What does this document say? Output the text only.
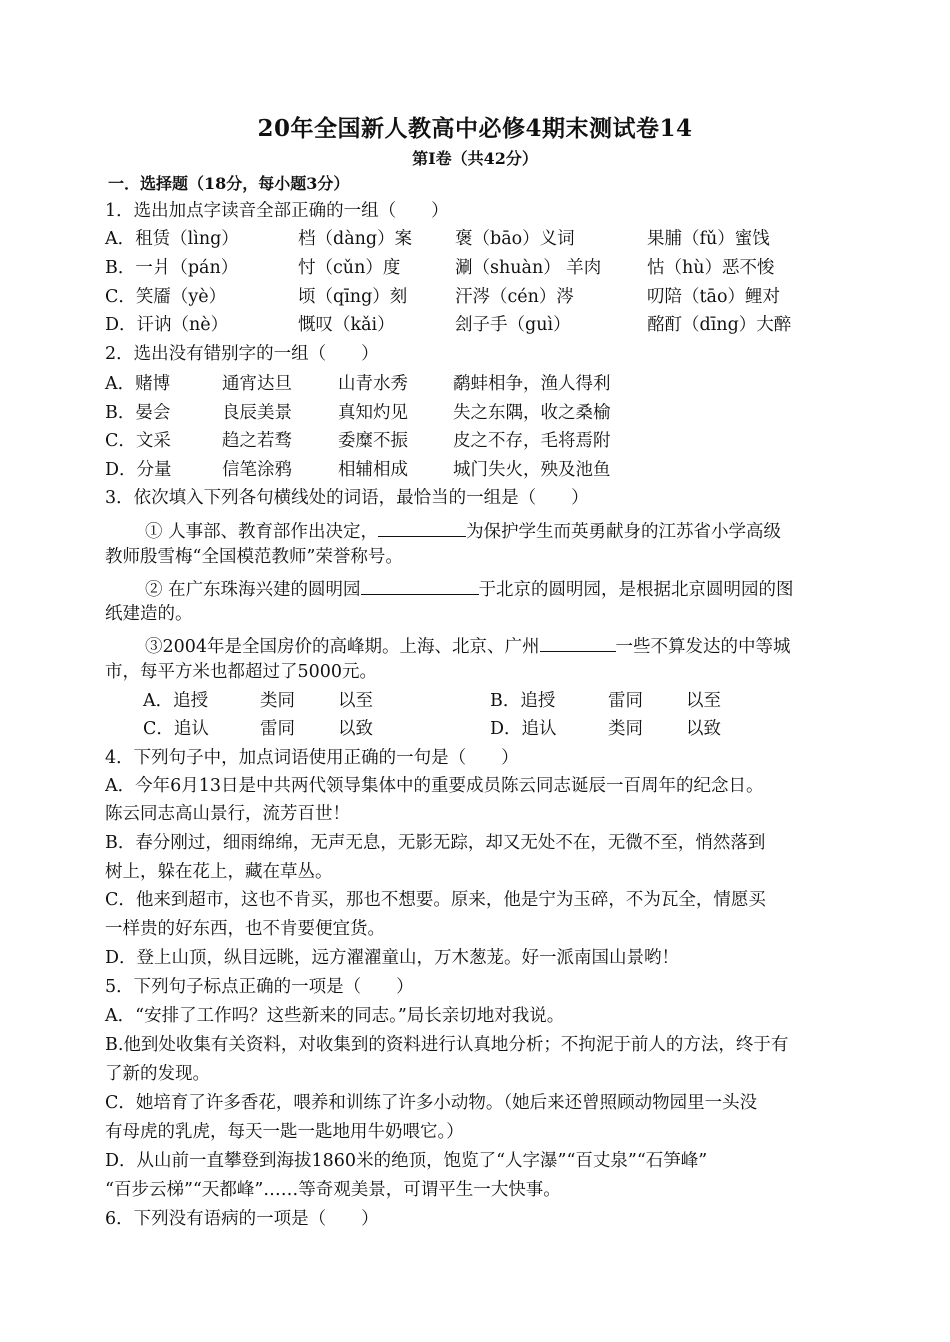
20年全国新人教高中必修4期末测试卷14
第Ⅰ卷（共42分）
一．选择题（18分，每小题3分）
1．选出加点字读音全部正确的一组（　　）
A．租赁（lìng）	档（dàng）案 褒（bāo）义词	果脯（fǔ）蜜饯
B．一爿（pán）	忖（cǔn）度	涮（shuàn） 羊肉	怙（hù）恶不悛
C．笑靥（yè）	顷（qīng）刻	汗涔（cén）涔	叨陪（tāo）鲤对
D．讦讷（nè）	慨叹（kǎi）	刽子手（guì）	酩酊（dīng）大醉
2．选出没有错别字的一组（　　）
A．赌博	通宵达旦	山青水秀	鹬蚌相争，渔人得利
B．晏会	良辰美景	真知灼见	失之东隅，收之桑榆
C．文采	趋之若骛	委糜不振	皮之不存，毛将焉附
D．分量	信笔涂鸦	相辅相成	城门失火，殃及池鱼
3．依次填入下列各句横线处的词语，最恰当的一组是（　　）
① 人事部、教育部作出决定，	为保护学生而英勇献身的江苏省小学高级
教师殷雪梅“全国模范教师”荣誉称号。
② 在广东珠海兴建的圆明园	于北京的圆明园，是根据北京圆明园的图
纸建造的。
③2004年是全国房价的高峰期。上海、北京、广州	一些不算发达的中等城
市，每平方米也都超过了5000元。
A．追授	类同 以至	B．追授	雷同 以至
C．追认	雷同 以致	D．追认	类同 以致
4．下列句子中，加点词语使用正确的一句是（　　）
A．今年6月13日是中共两代领导集体中的重要成员陈云同志诞辰一百周年的纪念日。
陈云同志高山景行，流芳百世！
B．春分刚过，细雨绵绵，无声无息，无影无踪，却又无处不在，无微不至，悄然落到
树上，躲在花上，藏在草丛。
C．他来到超市，这也不肯买，那也不想要。原来，他是宁为玉碎，不为瓦全，情愿买
一样贵的好东西，也不肯要便宜货。
D．登上山顶，纵目远眺，远方濯濯童山，万木葱茏。好一派南国山景哟！
5．下列句子标点正确的一项是（　　）
A．“安排了工作吗？这些新来的同志。”局长亲切地对我说。
B.他到处收集有关资料，对收集到的资料进行认真地分析；不拘泥于前人的方法，终于有
了新的发现。
C．她培育了许多香花，喂养和训练了许多小动物。（她后来还曾照顾动物园里一头没
有母虎的乳虎，每天一匙一匙地用牛奶喂它。）
D．从山前一直攀登到海拔1860米的绝顶，饱览了“人字瀑”“百丈泉”“石笋峰”
“百步云梯”“天都峰”……等奇观美景，可谓平生一大快事。
6．下列没有语病的一项是（　　）
